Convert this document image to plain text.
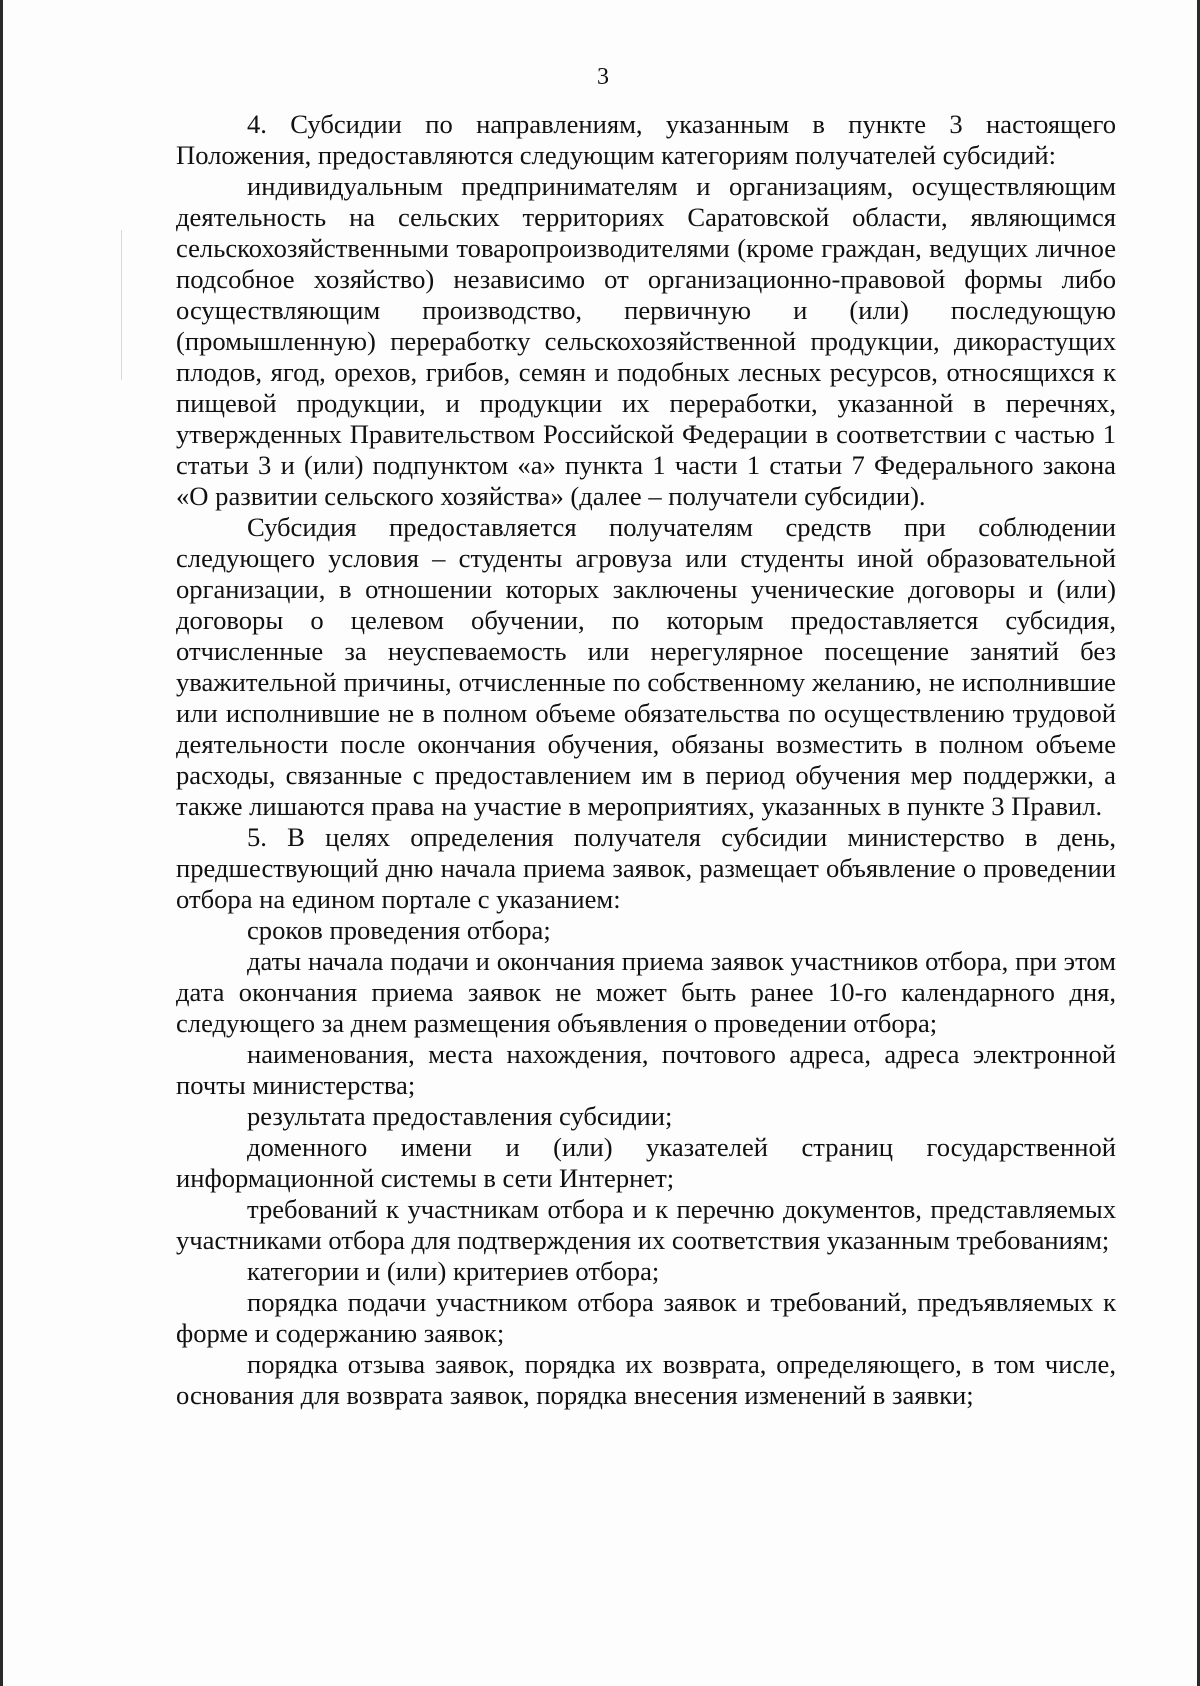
3

4. Субсидии по направлениям, указанным в пункте 3 настоящего Положения, предоставляются следующим категориям получателей субсидий:

индивидуальным предпринимателям и организациям, осуществляющим деятельность на сельских территориях Саратовской области, являющимся сельскохозяйственными товаропроизводителями (кроме граждан, ведущих личное подсобное хозяйство) независимо от организационно-правовой формы либо осуществляющим производство, первичную и (или) последующую (промышленную) переработку сельскохозяйственной продукции, дикорастущих плодов, ягод, орехов, грибов, семян и подобных лесных ресурсов, относящихся к пищевой продукции, и продукции их переработки, указанной в перечнях, утвержденных Правительством Российской Федерации в соответствии с частью 1 статьи 3 и (или) подпунктом «а» пункта 1 части 1 статьи 7 Федерального закона «О развитии сельского хозяйства» (далее – получатели субсидии).

Субсидия предоставляется получателям средств при соблюдении следующего условия – студенты агровуза или студенты иной образовательной организации, в отношении которых заключены ученические договоры и (или) договоры о целевом обучении, по которым предоставляется субсидия, отчисленные за неуспеваемость или нерегулярное посещение занятий без уважительной причины, отчисленные по собственному желанию, не исполнившие или исполнившие не в полном объеме обязательства по осуществлению трудовой деятельности после окончания обучения, обязаны возместить в полном объеме расходы, связанные с предоставлением им в период обучения мер поддержки, а также лишаются права на участие в мероприятиях, указанных в пункте 3 Правил.

5. В целях определения получателя субсидии министерство в день, предшествующий дню начала приема заявок, размещает объявление о проведении отбора на едином портале с указанием:

сроков проведения отбора;

даты начала подачи и окончания приема заявок участников отбора, при этом дата окончания приема заявок не может быть ранее 10-го календарного дня, следующего за днем размещения объявления о проведении отбора;

наименования, места нахождения, почтового адреса, адреса электронной почты министерства;

результата предоставления субсидии;

доменного имени и (или) указателей страниц государственной информационной системы в сети Интернет;

требований к участникам отбора и к перечню документов, представляемых участниками отбора для подтверждения их соответствия указанным требованиям;

категории и (или) критериев отбора;

порядка подачи участником отбора заявок и требований, предъявляемых к форме и содержанию заявок;

порядка отзыва заявок, порядка их возврата, определяющего, в том числе, основания для возврата заявок, порядка внесения изменений в заявки;
